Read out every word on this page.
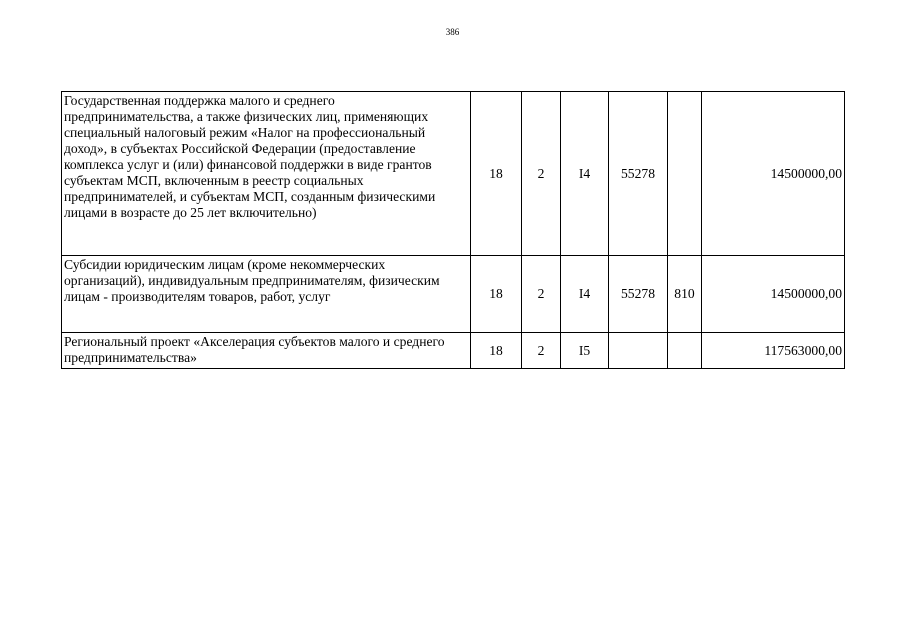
386
Государственная поддержка малого и среднего предпринимательства, а также физических лиц, применяющих специальный налоговый режим «Налог на профессиональный доход», в субъектах Российской Федерации (предоставление комплекса услуг и (или) финансовой поддержки в виде грантов субъектам МСП, включенным в реестр социальных предпринимателей, и субъектам МСП, созданным физическими лицами в возрасте до 25 лет включительно)	18	2	I4	55278		14500000,00
Субсидии юридическим лицам (кроме некоммерческих организаций), индивидуальным предпринимателям, физическим лицам - производителям товаров, работ, услуг	18	2	I4	55278	810	14500000,00
Региональный проект «Акселерация субъектов малого и среднего предпринимательства»	18	2	I5			117563000,00
